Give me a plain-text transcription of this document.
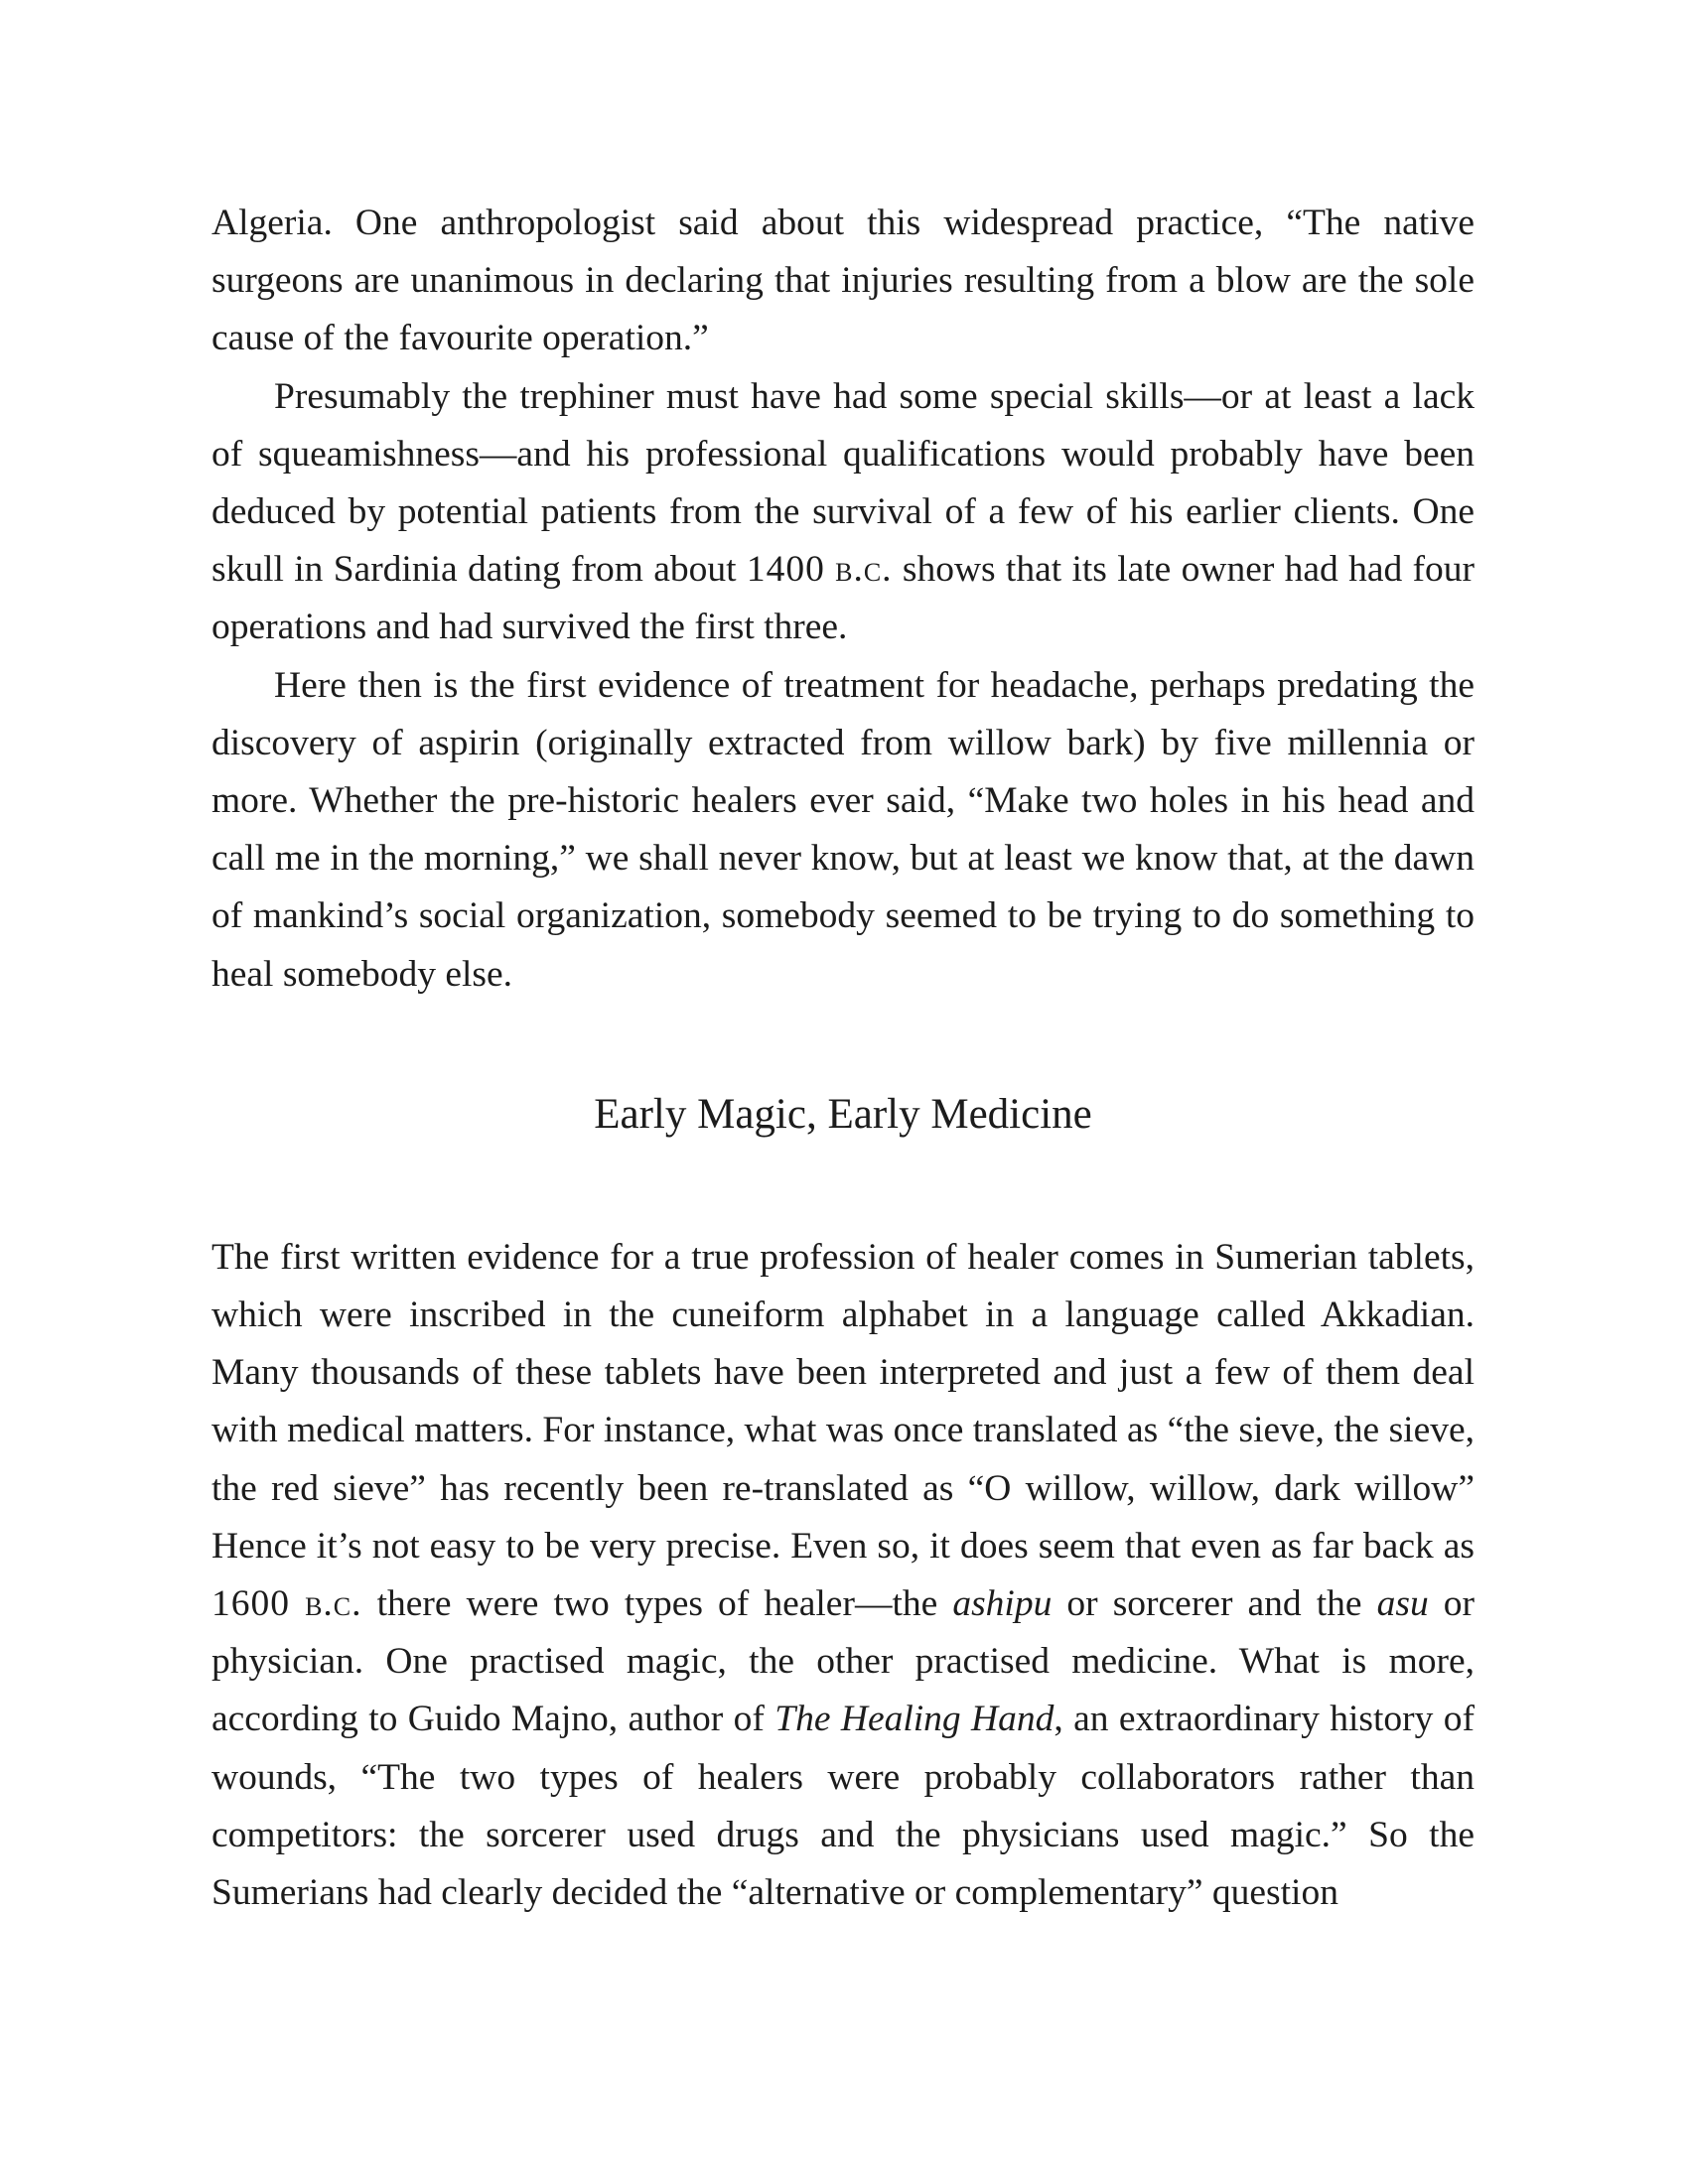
Algeria. One anthropologist said about this widespread practice, “The native surgeons are unanimous in declaring that injuries resulting from a blow are the sole cause of the favourite operation.”

Presumably the trephiner must have had some special skills—or at least a lack of squeamishness—and his professional qualifications would probably have been deduced by potential patients from the survival of a few of his earlier clients. One skull in Sardinia dating from about 1400 b.c. shows that its late owner had had four operations and had survived the first three.

Here then is the first evidence of treatment for headache, perhaps predating the discovery of aspirin (originally extracted from willow bark) by five millennia or more. Whether the pre-historic healers ever said, “Make two holes in his head and call me in the morning,” we shall never know, but at least we know that, at the dawn of mankind’s social organization, somebody seemed to be trying to do something to heal somebody else.

Early Magic, Early Medicine

The first written evidence for a true profession of healer comes in Sumerian tablets, which were inscribed in the cuneiform alphabet in a language called Akkadian. Many thousands of these tablets have been interpreted and just a few of them deal with medical matters. For instance, what was once translated as “the sieve, the sieve, the red sieve” has recently been re-translated as “O willow, willow, dark willow” Hence it’s not easy to be very precise. Even so, it does seem that even as far back as 1600 b.c. there were two types of healer—the ashipu or sorcerer and the asu or physician. One practised magic, the other practised medicine. What is more, according to Guido Majno, author of The Healing Hand, an extraordinary history of wounds, “The two types of healers were probably collaborators rather than competitors: the sorcerer used drugs and the physicians used magic.” So the Sumerians had clearly decided the “alternative or complementary” question
